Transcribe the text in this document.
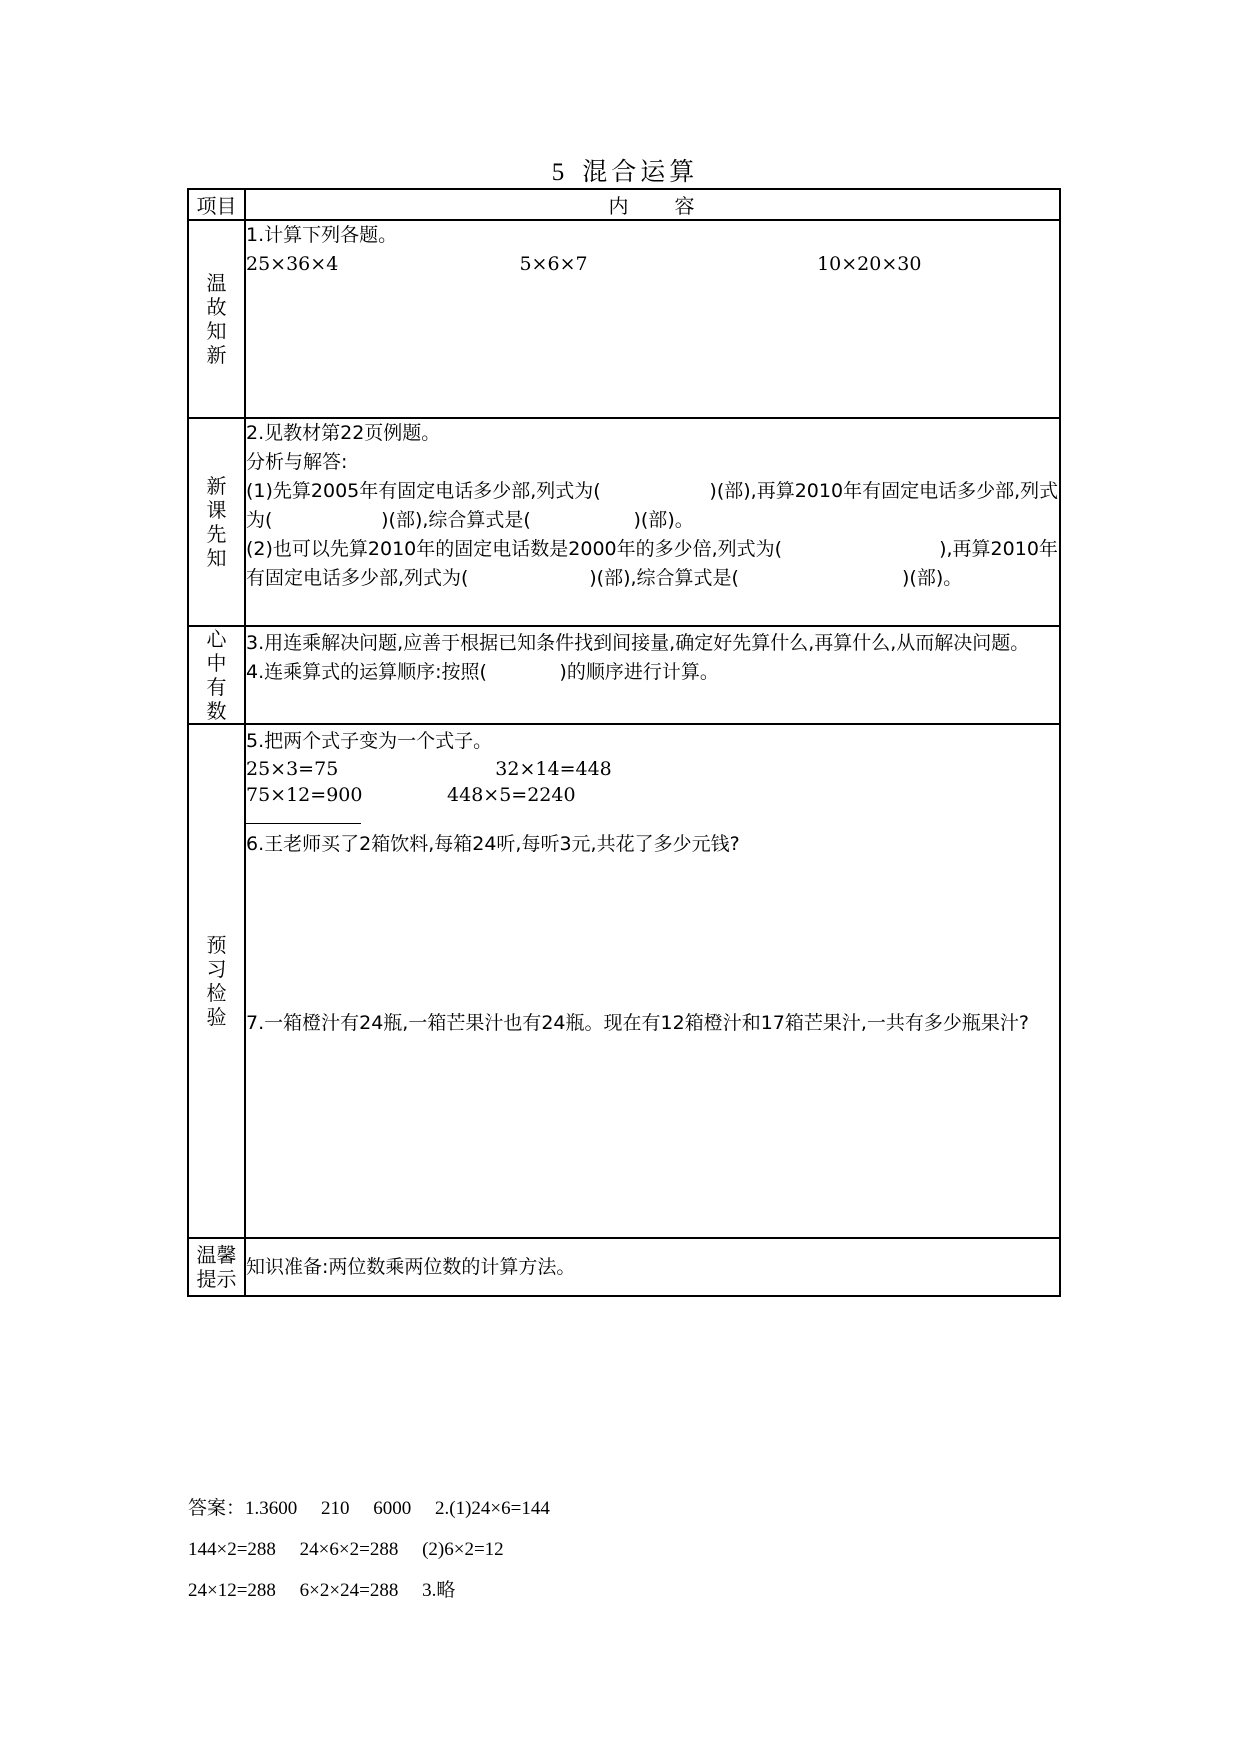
5 混合运算
项目	内　　容
温故知新	1.计算下列各题。

25×36×4                              5×6×7                                      10×20×30

新课先知	2.见教材第22页例题。

分析与解答:

(1)先算2005年有固定电话多少部,列式为(                  )(部),再算2010年有固定电话多少部,列式为(                  )(部),综合算式是(                 )(部)。

(2)也可以先算2010年的固定电话数是2000年的多少倍,列式为(                          ),再算2010年有固定电话多少部,列式为(                    )(部),综合算式是(                           )(部)。

心中有数	3.用连乘解决问题,应善于根据已知条件找到间接量,确定好先算什么,再算什么,从而解决问题。

4.连乘算式的运算顺序:按照(            )的顺序进行计算。

预习检验	5.把两个式子变为一个式子。

25×3=75                          32×14=448

75×12=900              448×5=2240

6.王老师买了2箱饮料,每箱24听,每听3元,共花了多少元钱?

7.一箱橙汁有24瓶,一箱芒果汁也有24瓶。现在有12箱橙汁和17箱芒果汁,一共有多少瓶果汁?

温馨提示	知识准备:两位数乘两位数的计算方法。

答案：1.3600     210     6000     2.(1)24×6=144
144×2=288     24×6×2=288     (2)6×2=12
24×12=288     6×2×24=288     3.略
